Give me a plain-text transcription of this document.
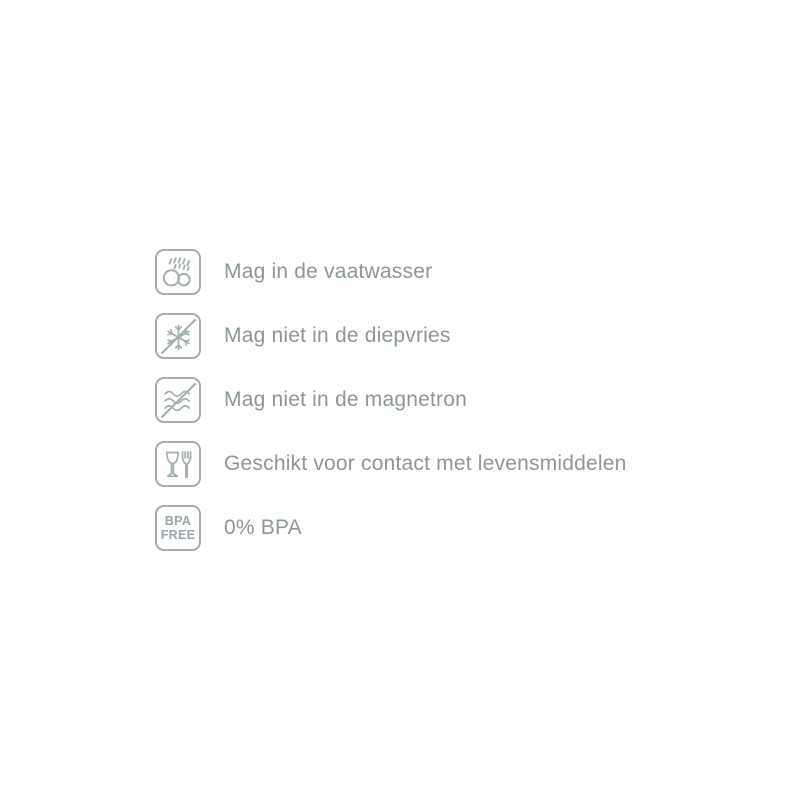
Mag in de vaatwasser
Mag niet in de diepvries
Mag niet in de magnetron
Geschikt voor contact met levensmiddelen
BPA
FREE 0% BPA
